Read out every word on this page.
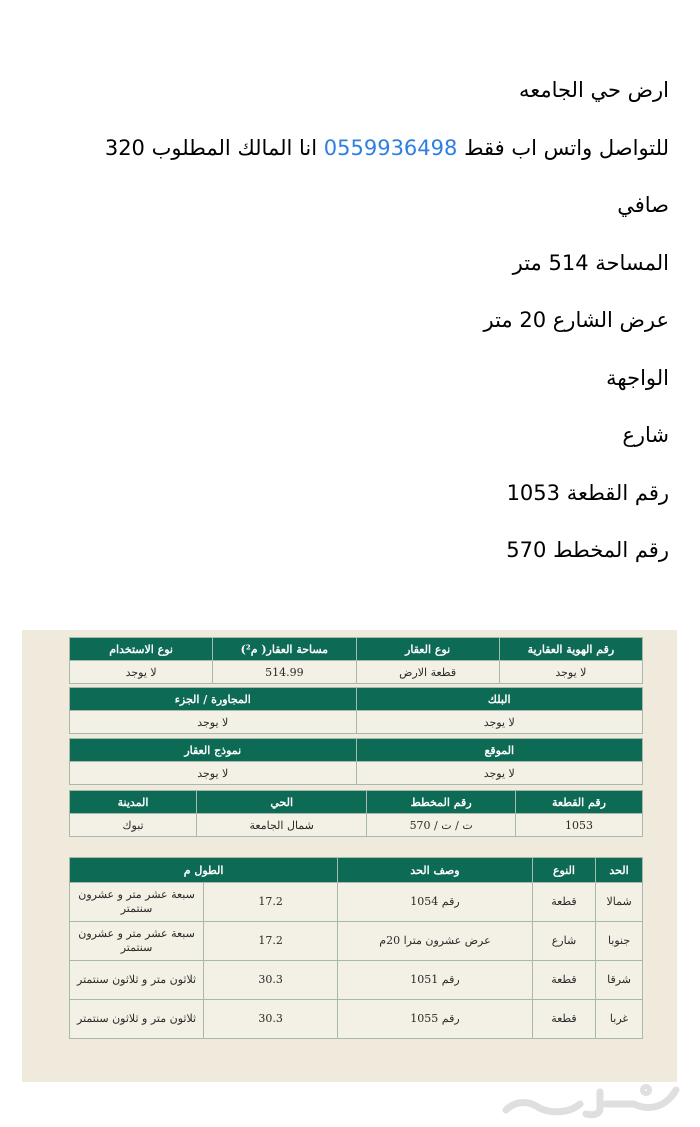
ارض حي الجامعه
للتواصل واتس اب فقط 0559936498 انا المالك المطلوب 320
صافي
المساحة 514 متر
عرض الشارع 20 متر
الواجهة
شارع
رقم القطعة 1053
رقم المخطط 570
رقم الهوية العقارية	نوع العقار	مساحة العقار( م²)	نوع الاستخدام
لا يوجد	قطعة الارض	514.99	لا يوجد
البلك	المجاورة / الجزء
لا يوجد	لا يوجد
الموقع	نموذج العقار
لا يوجد	لا يوجد
رقم القطعة	رقم المخطط	الحي	المدينة
1053	ت / ت / 570	شمال الجامعة	تبوك
الحد	النوع	وصف الحد	الطول م	
شمالا	قطعة	رقم 1054	17.2	سبعة عشر متر و عشرون سنتمتر
جنوبا	شارع	عرض عشرون مترا 20م	17.2	سبعة عشر متر و عشرون سنتمتر
شرقا	قطعة	رقم 1051	30.3	ثلاثون متر و ثلاثون سنتمتر
غربا	قطعة	رقم 1055	30.3	ثلاثون متر و ثلاثون سنتمتر
